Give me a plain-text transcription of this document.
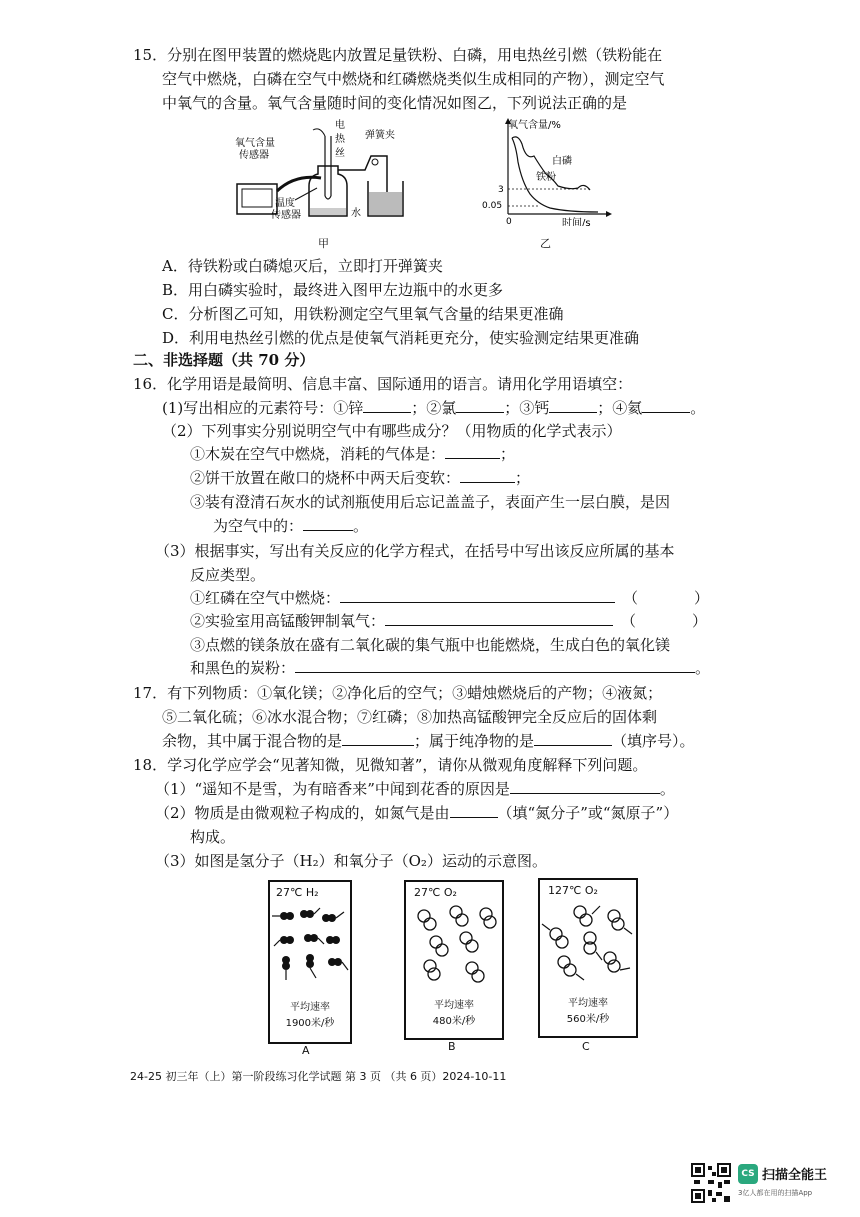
15．分别在图甲装置的燃烧匙内放置足量铁粉、白磷，用电热丝引燃（铁粉能在
空气中燃烧，白磷在空气中燃烧和红磷燃烧类似生成相同的产物），测定空气
中氧气的含量。氧气含量随时间的变化情况如图乙，下列说法正确的是
氧气含量
传感器
电
热
丝
弹簧夹
温度
传感器	水
甲
氧气含量/%
时间/s
3
0.05
0
白磷
铁粉
乙
A．待铁粉或白磷熄灭后，立即打开弹簧夹
B．用白磷实验时，最终进入图甲左边瓶中的水更多
C．分析图乙可知，用铁粉测定空气里氧气含量的结果更准确
D．利用电热丝引燃的优点是使氧气消耗更充分，使实验测定结果更准确
二、非选择题（共 70 分）
16．化学用语是最简明、信息丰富、国际通用的语言。请用化学用语填空：
(1)写出相应的元素符号：①锌	；②氯	；③钙	；④氦	。
（2）下列事实分别说明空气中有哪些成分？（用物质的化学式表示）
①木炭在空气中燃烧，消耗的气体是：	；
②饼干放置在敞口的烧杯中两天后变软：	；
③装有澄清石灰水的试剂瓶使用后忘记盖盖子，表面产生一层白膜，是因
为空气中的：	。
（3）根据事实，写出有关反应的化学方程式，在括号中写出该反应所属的基本
反应类型。
①红磷在空气中燃烧：	（	）
②实验室用高锰酸钾制氧气：	（	）
③点燃的镁条放在盛有二氧化碳的集气瓶中也能燃烧，生成白色的氧化镁
和黑色的炭粉：	。
17．有下列物质：①氧化镁；②净化后的空气；③蜡烛燃烧后的产物；④液氮；
⑤二氧化硫；⑥冰水混合物；⑦红磷；⑧加热高锰酸钾完全反应后的固体剩
余物，其中属于混合物的是	；属于纯净物的是	（填序号）。
18．学习化学应学会“见著知微，见微知著”，请你从微观角度解释下列问题。
（1）“遥知不是雪，为有暗香来”中闻到花香的原因是	。
（2）物质是由微观粒子构成的，如氮气是由	（填“氮分子”或“氮原子”）
构成。
（3）如图是氢分子（H₂）和氧分子（O₂）运动的示意图。
27℃ H₂
平均速率
1900米/秒
A
27℃ O₂
平均速率
480米/秒
B
127℃ O₂
平均速率
560米/秒
C
24-25 初三年（上）第一阶段练习化学试题 第 3 页 （共 6 页）2024-10-11
CS 扫描全能王
3亿人都在用的扫描App
